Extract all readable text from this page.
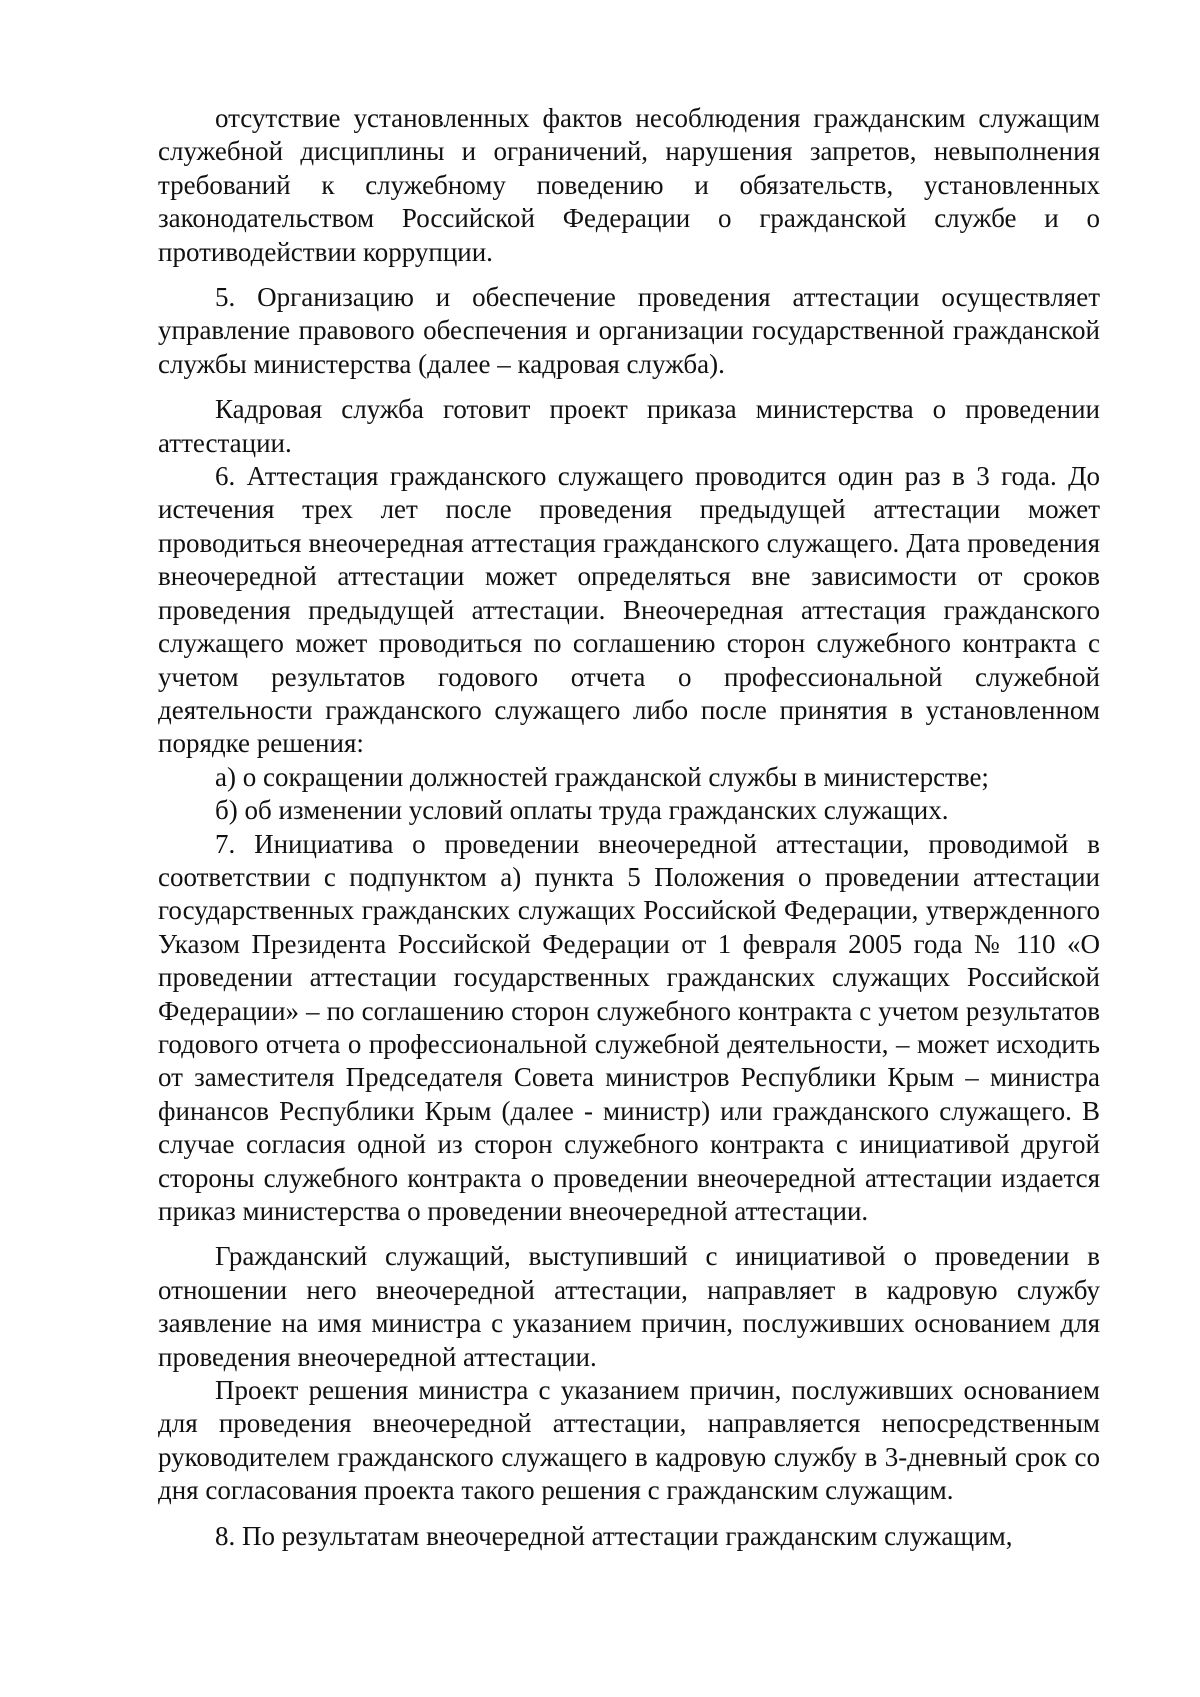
отсутствие установленных фактов несоблюдения гражданским служащим служебной дисциплины и ограничений, нарушения запретов, невыполнения требований к служебному поведению и обязательств, установленных законодательством Российской Федерации о гражданской службе и о противодействии коррупции.

5. Организацию и обеспечение проведения аттестации осуществляет управление правового обеспечения и организации государственной гражданской службы министерства (далее – кадровая служба).

Кадровая служба готовит проект приказа министерства о проведении аттестации.

6. Аттестация гражданского служащего проводится один раз в 3 года. До истечения трех лет после проведения предыдущей аттестации может проводиться внеочередная аттестация гражданского служащего. Дата проведения внеочередной аттестации может определяться вне зависимости от сроков проведения предыдущей аттестации. Внеочередная аттестация гражданского служащего может проводиться по соглашению сторон служебного контракта с учетом результатов годового отчета о профессиональной служебной деятельности гражданского служащего либо после принятия в установленном порядке решения:

а) о сокращении должностей гражданской службы в министерстве;

б) об изменении условий оплаты труда гражданских служащих.

7. Инициатива о проведении внеочередной аттестации, проводимой в соответствии с подпунктом а) пункта 5 Положения о проведении аттестации государственных гражданских служащих Российской Федерации, утвержденного Указом Президента Российской Федерации от 1 февраля 2005 года № 110 «О проведении аттестации государственных гражданских служащих Российской Федерации» – по соглашению сторон служебного контракта с учетом результатов годового отчета о профессиональной служебной деятельности, – может исходить от заместителя Председателя Совета министров Республики Крым – министра финансов Республики Крым (далее - министр) или гражданского служащего. В случае согласия одной из сторон служебного контракта с инициативой другой стороны служебного контракта о проведении внеочередной аттестации издается приказ министерства о проведении внеочередной аттестации.

Гражданский служащий, выступивший с инициативой о проведении в отношении него внеочередной аттестации, направляет в кадровую службу заявление на имя министра с указанием причин, послуживших основанием для проведения внеочередной аттестации.

Проект решения министра с указанием причин, послуживших основанием для проведения внеочередной аттестации, направляется непосредственным руководителем гражданского служащего в кадровую службу в 3-дневный срок со дня согласования проекта такого решения с гражданским служащим.

8. По результатам внеочередной аттестации гражданским служащим,
